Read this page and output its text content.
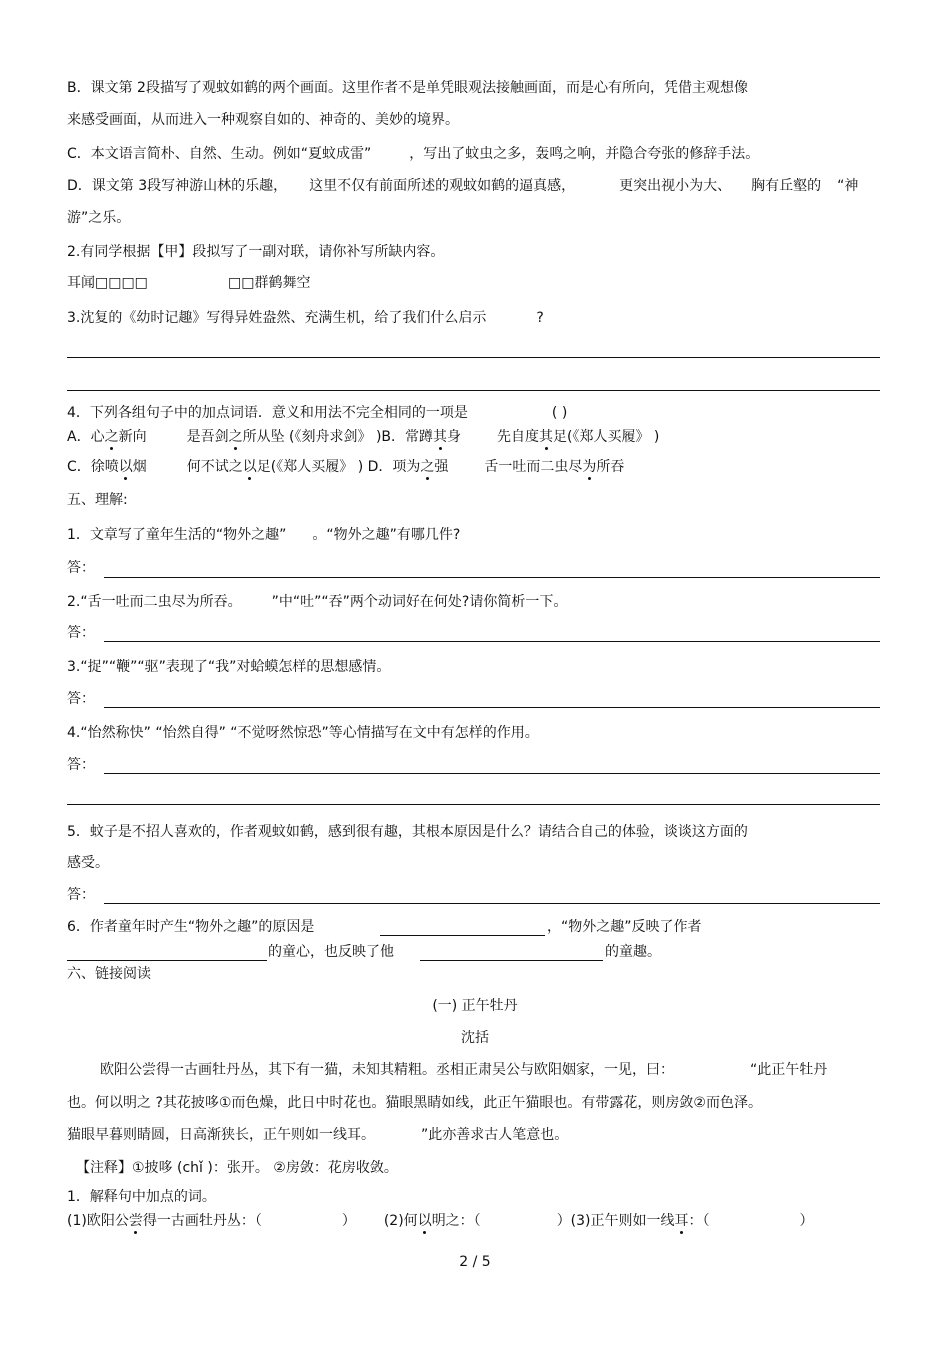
B．课文第 2段描写了观蚊如鹤的两个画面。这里作者不是单凭眼观法接触画面，而是心有所向，凭借主观想像
来感受画面，从而进入一种观察自如的、神奇的、美妙的境界。
C．本文语言简朴、自然、生动。例如“夏蚊成雷”	，写出了蚊虫之多，轰鸣之响，并隐合夸张的修辞手法。
D．课文第 3段写神游山林的乐趣， 这里不仅有前面所述的观蚊如鹤的逼真感，	更突出视小为大、 胸有丘壑的 “神
游”之乐。
2.有同学根据【甲】段拟写了一副对联，请你补写所缺内容。
耳闻□□□□	□□群鹤舞空
3.沈复的《幼时记趣》写得异姓盎然、充满生机，给了我们什么启示	?
4．下列各组句子中的加点词语．意义和用法不完全相同的一项是	( )
A．心之新向	是吾剑之所从坠 (《刻舟求剑》 )B．常蹲其身	先自度其足(《郑人买履》 )
C．徐喷以烟	何不试之以足(《郑人买履》 ) D．项为之强	舌一吐而二虫尽为所吞
五、理解:
1．文章写了童年生活的“物外之趣” 。“物外之趣”有哪几件?
答：
2.“舌一吐而二虫尽为所吞。 ”中“吐”“吞”两个动词好在何处?请你简析一下。
答：
3.“捉”“鞭”“驱”表现了“我”对蛤蟆怎样的思想感情。
答：
4.“怡然称快” “怡然自得” “不觉呀然惊恐”等心情描写在文中有怎样的作用。
答：
5．蚊子是不招人喜欢的，作者观蚊如鹤，感到很有趣，其根本原因是什么？请结合自己的体验，谈谈这方面的
感受。
答：
6．作者童年时产生“物外之趣”的原因是	，“物外之趣”反映了作者
的童心，也反映了他	的童趣。
六、链接阅读
(一) 正午牡丹
沈括
欧阳公尝得一古画牡丹丛，其下有一猫，未知其精粗。丞相正肃吴公与欧阳姻家，一见，曰：	“此正午牡丹
也。何以明之 ?其花披哆①而色燥，此日中时花也。猫眼黑睛如线，此正午猫眼也。有带露花，则房敛②而色泽。
猫眼早暮则睛圆，日高渐狭长，正午则如一线耳。	”此亦善求古人笔意也。
【注释】①披哆 (chǐ )：张开。 ②房敛：花房收敛。
1．解释句中加点的词。
(1)欧阳公尝得一古画牡丹丛：（	） (2)何以明之：（	）(3)正午则如一线耳：（	）
2 / 5
